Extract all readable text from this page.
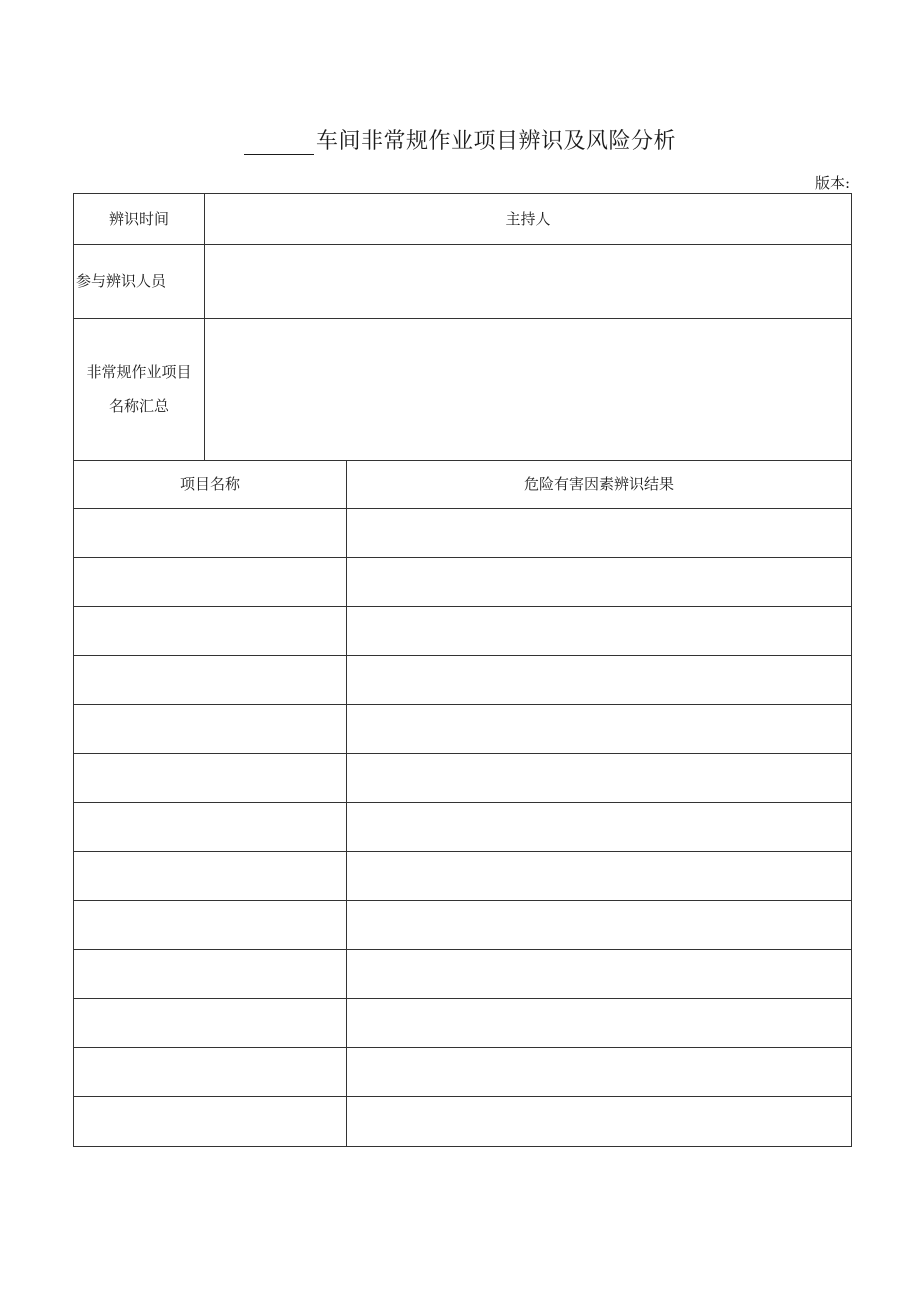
车间非常规作业项目辨识及风险分析
版本:
辨识时间	主持人
参与辨识人员
非常规作业项目
名称汇总
项目名称	危险有害因素辨识结果
